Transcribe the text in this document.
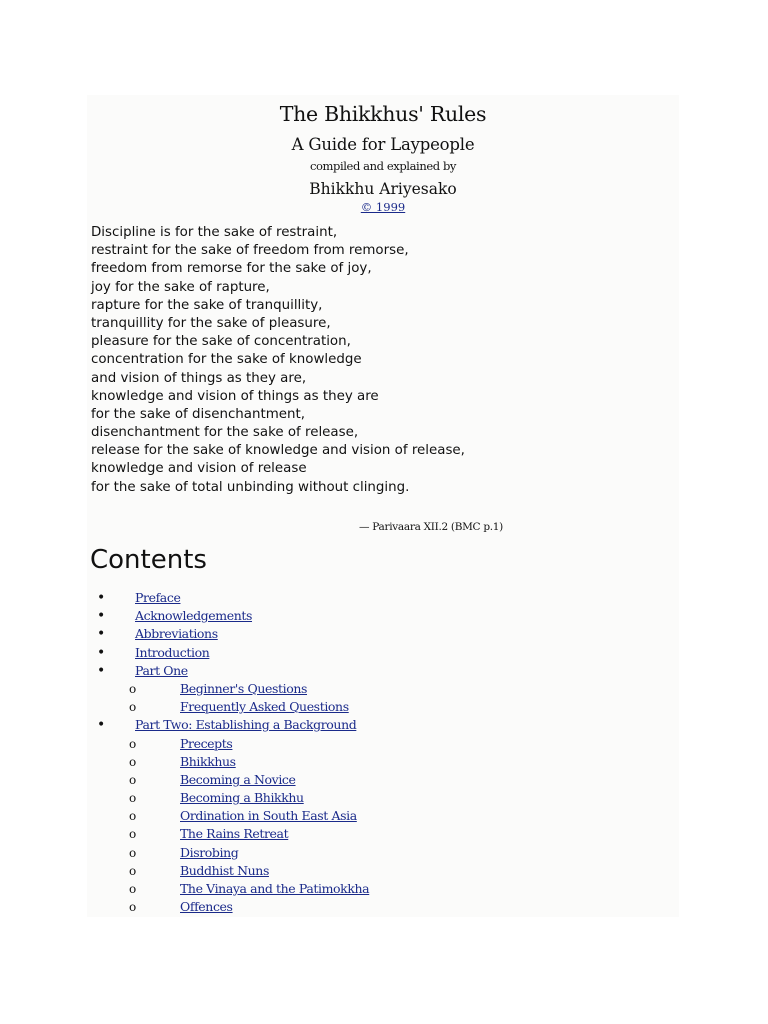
The Bhikkhus' Rules
A Guide for Laypeople
compiled and explained by
Bhikkhu Ariyesako
© 1999
Discipline is for the sake of restraint,
restraint for the sake of freedom from remorse,
freedom from remorse for the sake of joy,
joy for the sake of rapture,
rapture for the sake of tranquillity,
tranquillity for the sake of pleasure,
pleasure for the sake of concentration,
concentration for the sake of knowledge
and vision of things as they are,
knowledge and vision of things as they are
for the sake of disenchantment,
disenchantment for the sake of release,
release for the sake of knowledge and vision of release,
knowledge and vision of release
for the sake of total unbinding without clinging.
— Parivaara XII.2 (BMC p.1)
Contents
• Preface
• Acknowledgements
• Abbreviations
• Introduction
• Part One
o	Beginner's Questions
o	Frequently Asked Questions
• Part Two: Establishing a Background
o	Precepts
o	Bhikkhus
o	Becoming a Novice
o	Becoming a Bhikkhu
o	Ordination in South East Asia
o	The Rains Retreat
o	Disrobing
o	Buddhist Nuns
o	The Vinaya and the Patimokkha
o	Offences
